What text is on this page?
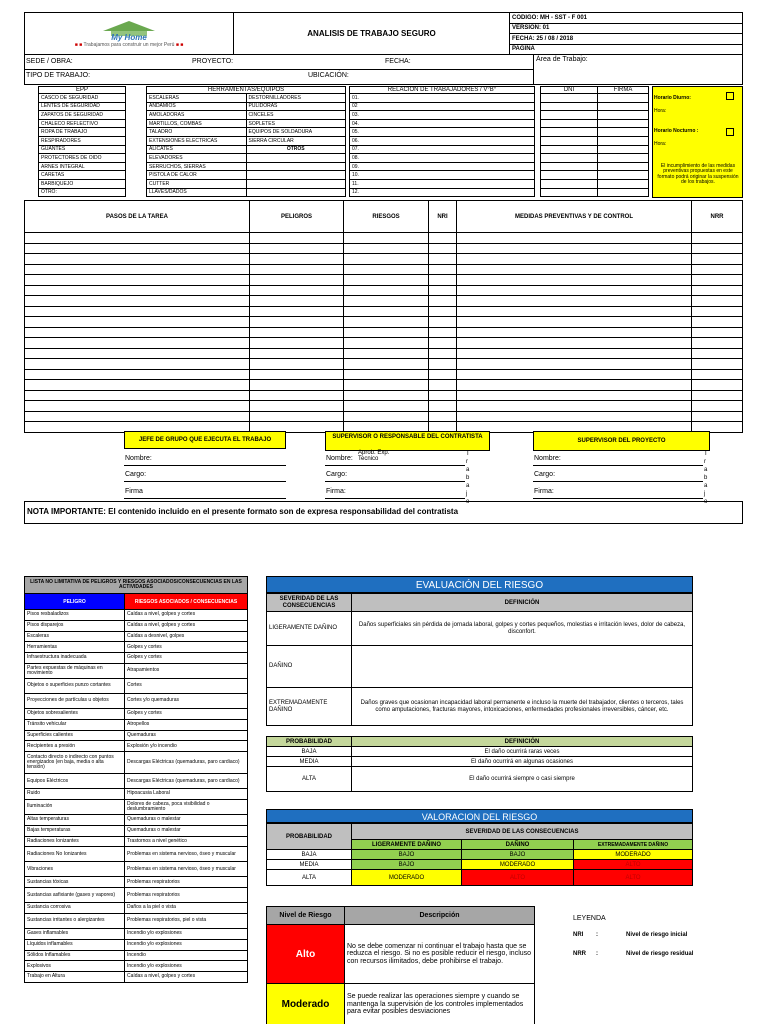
My Home
■ ■ Trabajamos para construir un mejor Perú ■ ■
	ANALISIS DE TRABAJO SEGURO	CODIGO: MH - SST - F 001
VERSION: 01
FECHA: 25 / 08 / 2018
PAGINA
SEDE / OBRA:	PROYECTO:	FECHA:	Área de Trabajo:
TIPO DE TRABAJO:	UBICACIÓN:
EPP
CASCO DE SEGURIDAD
LENTES DE SEGURIDAD
ZAPATOS DE SEGURIDAD
CHALECO REFLECTIVO
ROPA DE TRABAJO
RESPIRADORES
GUANTES
PROTECTORES DE OIDO
ARNES INTEGRAL
CARETAS
BARBIQUEJO
OTRO:
HERRAMIENTAS/EQUIPOS	
ESCALERAS	DESTORNILLADORES
ANDAMIOS	PULIDORAS
AMOLADORAS	CINCELES
MARTILLOS, COMBAS	SOPLETES
TALADRO	EQUIPOS DE SOLDADURA
EXTENSIONES ELECTRICAS	SIERRA CIRCULAR
ALICATES	OTROS
ELEVADORES	
SERRUCHOS, SIERRAS	
PISTOLA DE CALOR	
CUTTER	
LLAVES/DADOS	
RELACIÓN DE TRABAJADORES / V°B°
01.
02
03.
04.
05.
06.
07.
08.
09.
10.
11.
12.
DNI	FIRMA

Horario Diurno:
Hora:
Horario Nocturno :
Hora:
El incumplimiento de las medidas preventivas propuestas en este formato podrá originar la suspensión de los trabajos.
PASOS DE LA TAREA	PELIGROS	RIESGOS	NRI	MEDIDAS PREVENTIVAS Y DE CONTROL	NRR

JEFE DE GRUPO QUE EJECUTA EL TRABAJO
Nombre:
Cargo:
Firma
SUPERVISOR O RESPONSABLE DEL CONTRATISTA
Nombre:
Aprob. Exp. Tecnico
Cargo:
Firma:
Trabajo
SUPERVISOR DEL PROYECTO
Nombre:
Cargo:
Firma:
Trabajo
NOTA IMPORTANTE: El contenido incluido en el presente formato son de expresa responsabilidad del contratista
LISTA NO LIMITATIVA DE PELIGROS Y RIESGOS ASOCIADOS/CONSECUENCIAS EN LAS ACTIVIDADES	
PELIGRO	RIESGOS ASOCIADOS / CONSECUENCIAS
Pisos resbaladizos	Caídas a nivel, golpes y cortes
Pisos disparejos	Caídas a nivel, golpes y cortes
Escaleras	Caídas a desnivel, golpes
Herramientas	Golpes y cortes
Infraestructura inadecuada	Golpes y cortes
Partes expuestas de máquinas en movimiento	Atrapamientos
Objetos o superficies punzo cortantes	Cortes
Proyecciones de partículas u objetos	Cortes y/o quemaduras
Objetos sobresalientes	Golpes y cortes
Tránsito vehicular	Atropellos
Superficies calientes	Quemaduras
Recipientes a presión	Explosión y/o incendio
Contacto directo o indirecto con puntos energizados (en baja, media o alta tensión)	Descargas Eléctricas (quemaduras, paro cardiaco)
Equipos Eléctricos	Descargas Eléctricas (quemaduras, paro cardiaco)
Ruido	Hipoacusia Laboral
Iluminación	Dolores de cabeza, poca visibilidad o deslumbramiento
Altas temperaturas	Quemaduras o malestar
Bajas temperaturas	Quemaduras o malestar
Radiaciones Ionizantes	Trastornos a nivel genético
Radiaciones No Ionizantes	Problemas en sistema nervioso, óseo y muscular
Vibraciones	Problemas en sistema nervioso, óseo y muscular
Sustancias tóxicas	Problemas respiratorios
Sustancias asfixiante (gases y vapores)	Problemas respiratorios
Sustancia corrosiva	Daños a la piel o vista
Sustancias irritantes o alergizantes	Problemas respiratorios, piel o vista
Gases inflamables	Incendio y/o explosiones
Líquidos inflamables	Incendio y/o explosiones
Sólidos Inflamables	Incendio
Explosivos	Incendio y/o explosiones
Trabajo en Altura	Caídas a nivel, golpes y cortes
EVALUACIÓN DEL RIESGO
SEVERIDAD DE LAS CONSECUENCIAS	DEFINICIÓN
LIGERAMENTE DAÑINO	Daños superficiales sin pérdida de jornada laboral, golpes y cortes pequeños, molestias e irritación leves, dolor de cabeza, disconfort.
DAÑINO	
EXTREMADAMENTE DAÑINO	Daños graves que ocasionan incapacidad laboral permanente e incluso la muerte del trabajador, clientes o terceros, tales como amputaciones, fracturas mayores, intoxicaciones, enfermedades profesionales irreversibles, cáncer, etc.
PROBABILIDAD	DEFINICIÓN
BAJA	El daño ocurrirá raras veces
MEDIA	El daño ocurrirá en algunas ocasiones
ALTA	El daño ocurrirá siempre o casi siempre
VALORACION DEL RIESGO
PROBABILIDAD	SEVERIDAD DE LAS CONSECUENCIAS		
	LIGERAMENTE DAÑINO	DAÑINO	EXTREMADAMENTE DAÑINO
BAJA	BAJO	BAJO	MODERADO
MEDIA	BAJO	MODERADO	ALTO
ALTA	MODERADO	ALTO	ALTO
Nivel de Riesgo	Descripción
Alto	No se debe comenzar ni continuar el trabajo hasta que se reduzca el riesgo. Si no es posible reducir el riesgo, incluso con recursos ilimitados, debe prohibirse el trabajo.
Moderado	Se puede realizar las operaciones siempre y cuando se mantenga la supervisión de los controles implementados para evitar posibles desviaciones
LEYENDA
NRI :	Nivel de riesgo inicial
NRR :	Nivel de riesgo residual
